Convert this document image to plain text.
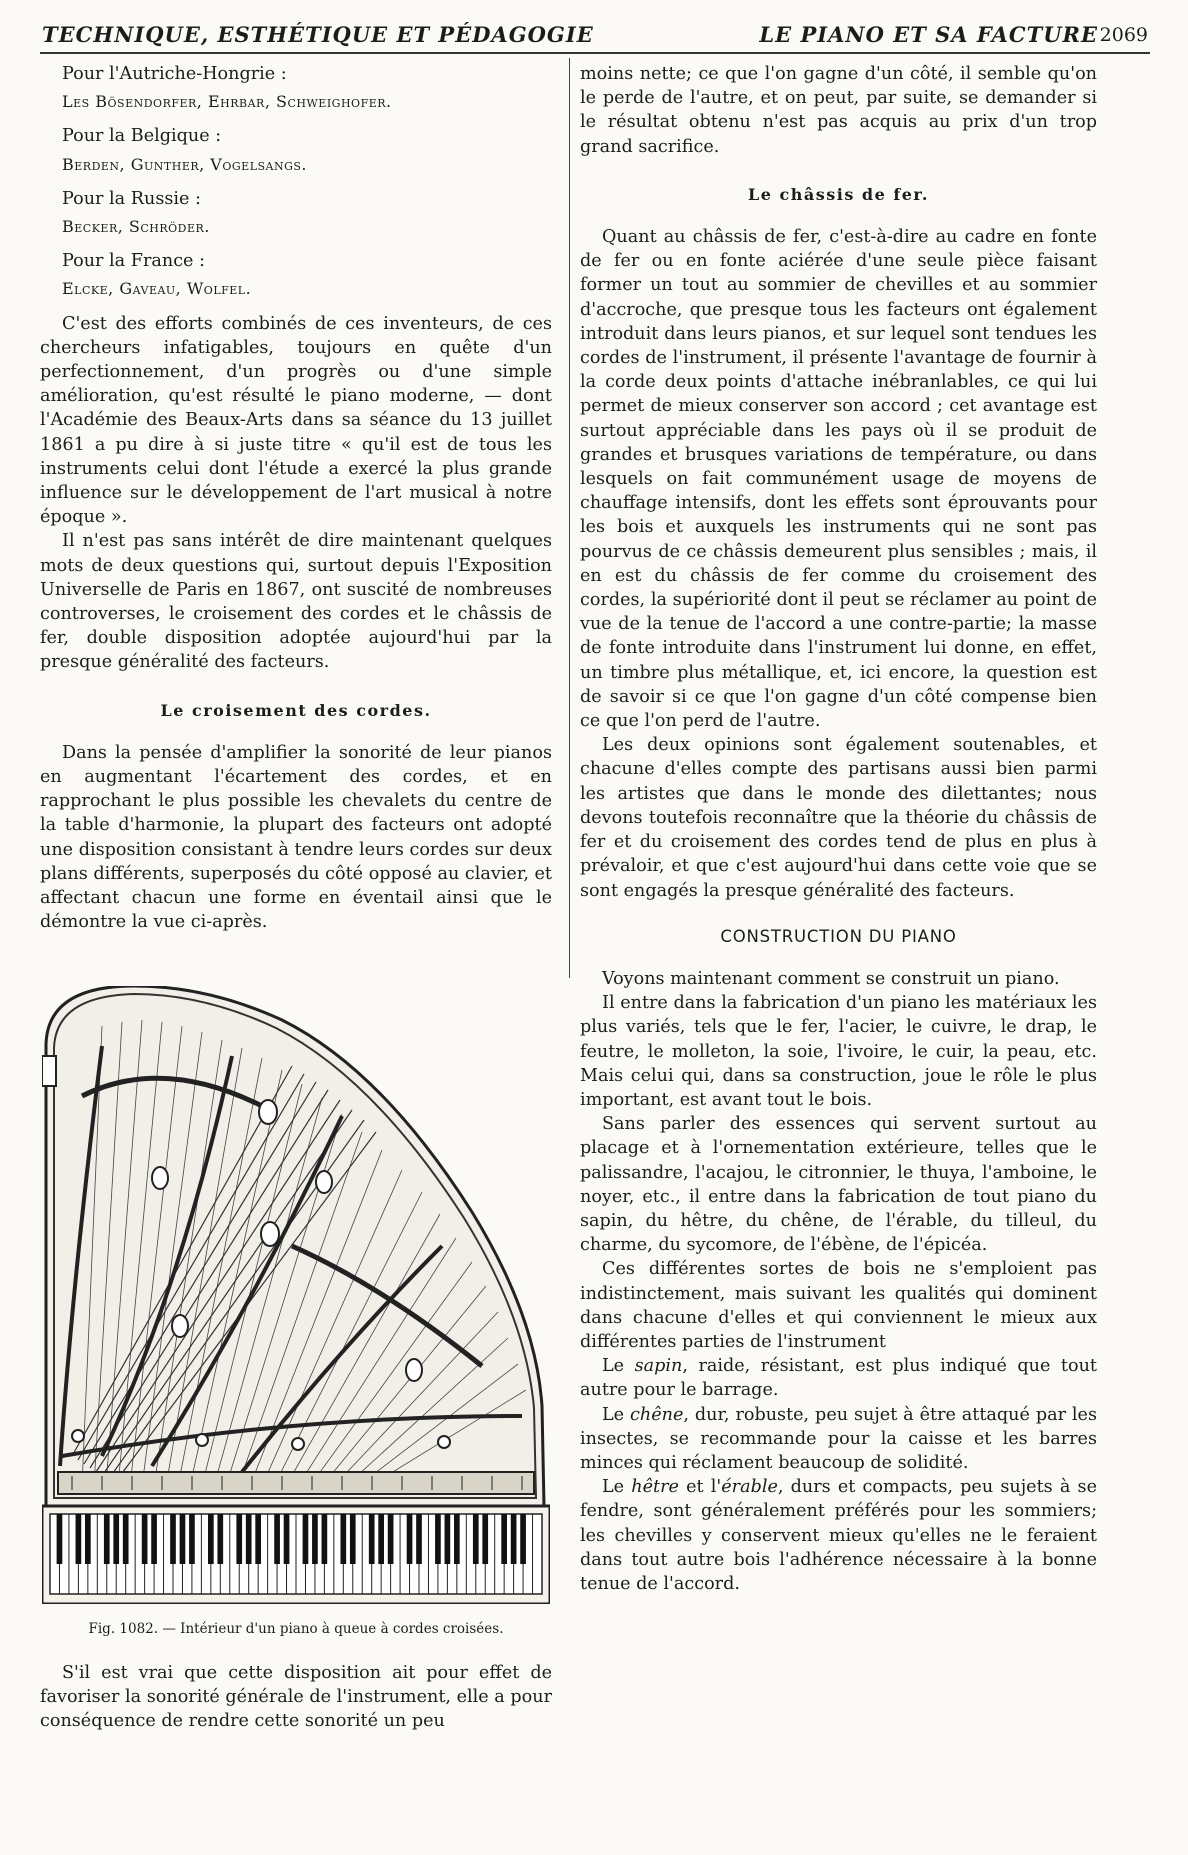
TECHNIQUE, ESTHÉTIQUE ET PÉDAGOGIE	LE PIANO ET SA FACTURE 2069

Pour l'Autriche-Hongrie :

Les Bösendorfer, Ehrbar, Schweighofer.

Pour la Belgique :

Berden, Gunther, Vogelsangs.

Pour la Russie :

Becker, Schröder.

Pour la France :

Elcke, Gaveau, Wolfel.

C'est des efforts combinés de ces inventeurs, de ces chercheurs infatigables, toujours en quête d'un perfectionnement, d'un progrès ou d'une simple amélioration, qu'est résulté le piano moderne, — dont l'Académie des Beaux-Arts dans sa séance du 13 juillet 1861 a pu dire à si juste titre « qu'il est de tous les instruments celui dont l'étude a exercé la plus grande influence sur le développement de l'art musical à notre époque ».

Il n'est pas sans intérêt de dire maintenant quelques mots de deux questions qui, surtout depuis l'Exposition Universelle de Paris en 1867, ont suscité de nombreuses controverses, le croisement des cordes et le châssis de fer, double disposition adoptée aujourd'hui par la presque généralité des facteurs.

Le croisement des cordes.

Dans la pensée d'amplifier la sonorité de leur pianos en augmentant l'écartement des cordes, et en rapprochant le plus possible les chevalets du centre de la table d'harmonie, la plupart des facteurs ont adopté une disposition consistant à tendre leurs cordes sur deux plans différents, superposés du côté opposé au clavier, et affectant chacun une forme en éventail ainsi que le démontre la vue ci-après.

Fig. 1082. — Intérieur d'un piano à queue à cordes croisées.

S'il est vrai que cette disposition ait pour effet de favoriser la sonorité générale de l'instrument, elle a pour conséquence de rendre cette sonorité un peu

moins nette; ce que l'on gagne d'un côté, il semble qu'on le perde de l'autre, et on peut, par suite, se demander si le résultat obtenu n'est pas acquis au prix d'un trop grand sacrifice.

Le châssis de fer.

Quant au châssis de fer, c'est-à-dire au cadre en fonte de fer ou en fonte aciérée d'une seule pièce faisant former un tout au sommier de chevilles et au sommier d'accroche, que presque tous les facteurs ont également introduit dans leurs pianos, et sur lequel sont tendues les cordes de l'instrument, il présente l'avantage de fournir à la corde deux points d'attache inébranlables, ce qui lui permet de mieux conserver son accord ; cet avantage est surtout appréciable dans les pays où il se produit de grandes et brusques variations de température, ou dans lesquels on fait communément usage de moyens de chauffage intensifs, dont les effets sont éprouvants pour les bois et auxquels les instruments qui ne sont pas pourvus de ce châssis demeurent plus sensibles ; mais, il en est du châssis de fer comme du croisement des cordes, la supériorité dont il peut se réclamer au point de vue de la tenue de l'accord a une contre-partie; la masse de fonte introduite dans l'instrument lui donne, en effet, un timbre plus métallique, et, ici encore, la question est de savoir si ce que l'on gagne d'un côté compense bien ce que l'on perd de l'autre.

Les deux opinions sont également soutenables, et chacune d'elles compte des partisans aussi bien parmi les artistes que dans le monde des dilettantes; nous devons toutefois reconnaître que la théorie du châssis de fer et du croisement des cordes tend de plus en plus à prévaloir, et que c'est aujourd'hui dans cette voie que se sont engagés la presque généralité des facteurs.

CONSTRUCTION DU PIANO

Voyons maintenant comment se construit un piano.

Il entre dans la fabrication d'un piano les matériaux les plus variés, tels que le fer, l'acier, le cuivre, le drap, le feutre, le molleton, la soie, l'ivoire, le cuir, la peau, etc. Mais celui qui, dans sa construction, joue le rôle le plus important, est avant tout le bois.

Sans parler des essences qui servent surtout au placage et à l'ornementation extérieure, telles que le palissandre, l'acajou, le citronnier, le thuya, l'amboine, le noyer, etc., il entre dans la fabrication de tout piano du sapin, du hêtre, du chêne, de l'érable, du tilleul, du charme, du sycomore, de l'ébène, de l'épicéa.

Ces différentes sortes de bois ne s'emploient pas indistinctement, mais suivant les qualités qui dominent dans chacune d'elles et qui conviennent le mieux aux différentes parties de l'instrument

Le sapin, raide, résistant, est plus indiqué que tout autre pour le barrage.

Le chêne, dur, robuste, peu sujet à être attaqué par les insectes, se recommande pour la caisse et les barres minces qui réclament beaucoup de solidité.

Le hêtre et l'érable, durs et compacts, peu sujets à se fendre, sont généralement préférés pour les sommiers; les chevilles y conservent mieux qu'elles ne le feraient dans tout autre bois l'adhérence nécessaire à la bonne tenue de l'accord.
